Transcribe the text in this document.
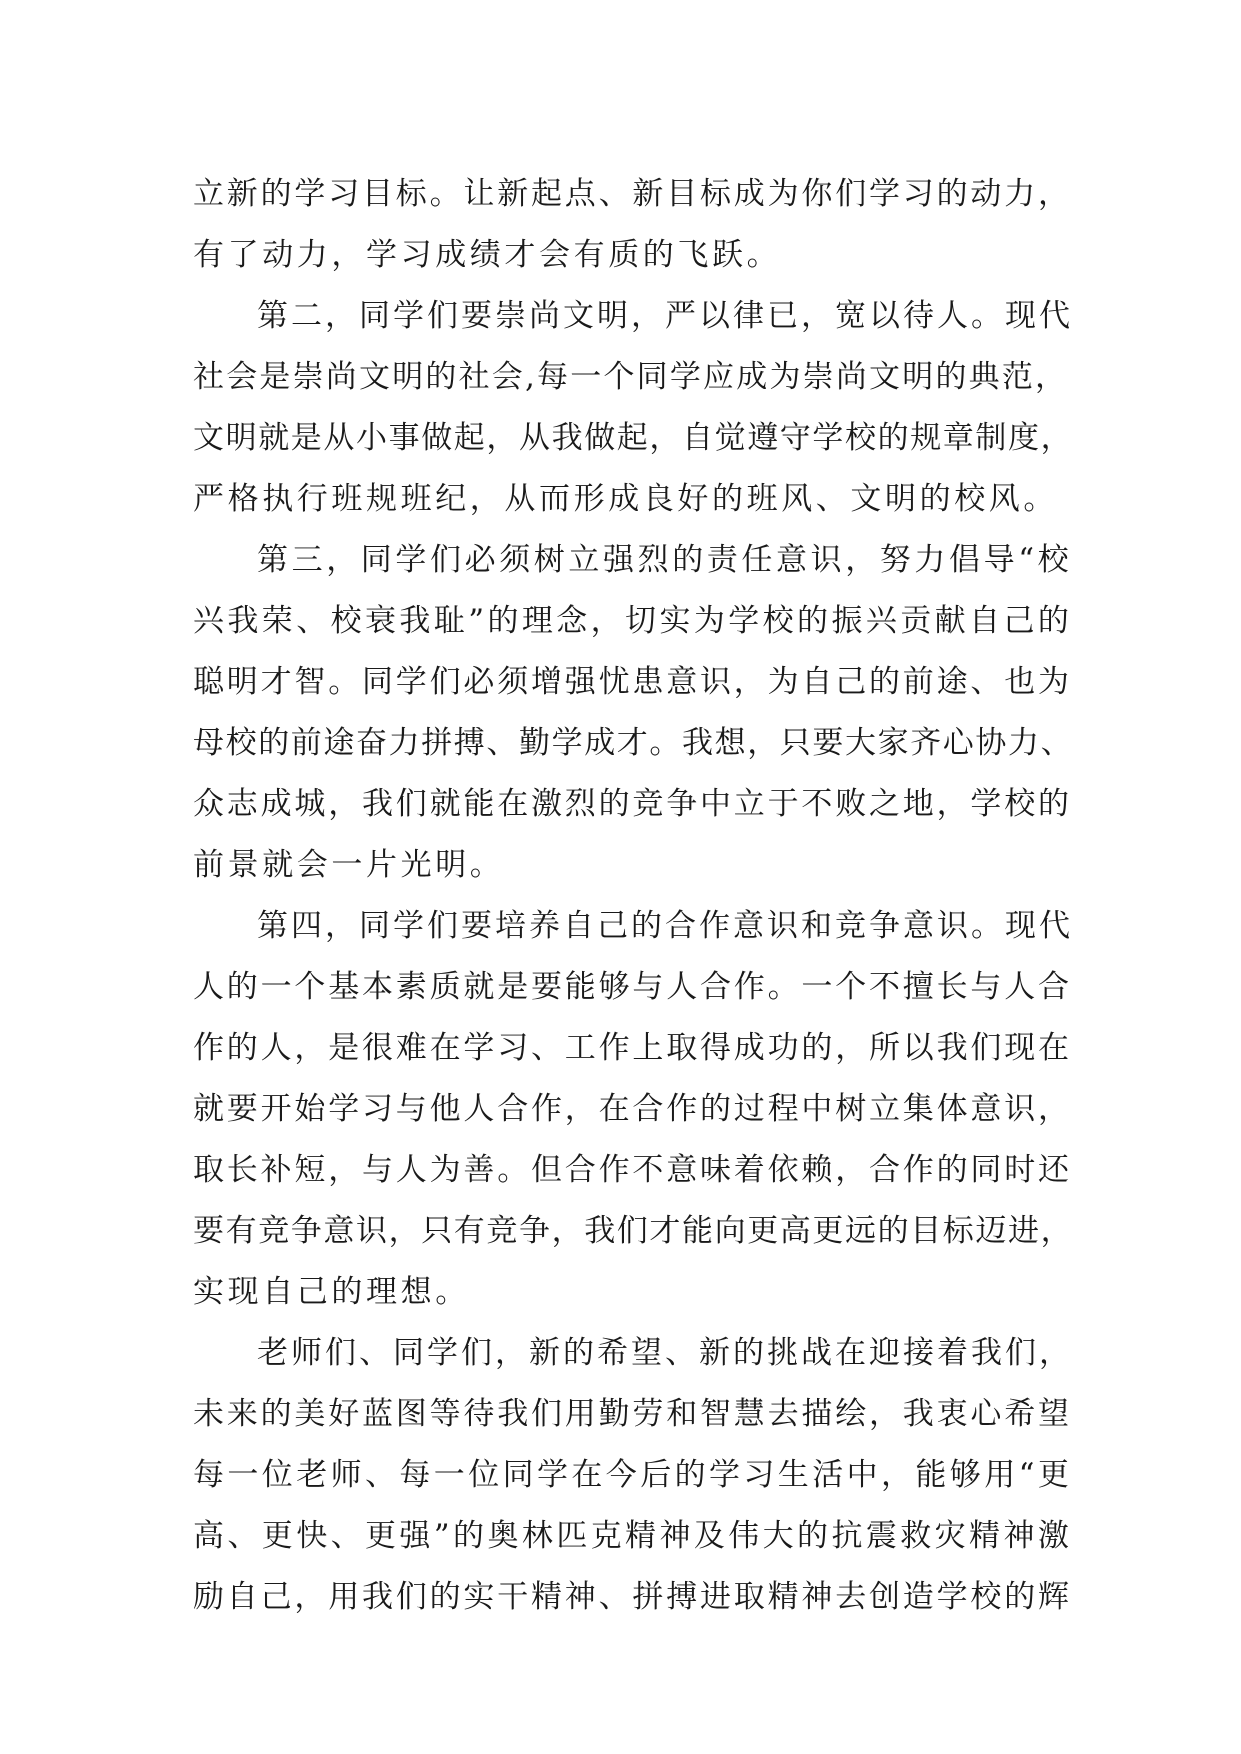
立新的学习目标。让新起点、新目标成为你们学习的动力，
有了动力，学习成绩才会有质的飞跃。
第二，同学们要崇尚文明，严以律已，宽以待人。现代
社会是崇尚文明的社会,每一个同学应成为崇尚文明的典范，
文明就是从小事做起，从我做起，自觉遵守学校的规章制度，
严格执行班规班纪，从而形成良好的班风、文明的校风。
第三，同学们必须树立强烈的责任意识，努力倡导“校
兴我荣、校衰我耻”的理念，切实为学校的振兴贡献自己的
聪明才智。同学们必须增强忧患意识，为自己的前途、也为
母校的前途奋力拼搏、勤学成才。我想，只要大家齐心协力、
众志成城，我们就能在激烈的竞争中立于不败之地，学校的
前景就会一片光明。
第四，同学们要培养自己的合作意识和竞争意识。现代
人的一个基本素质就是要能够与人合作。一个不擅长与人合
作的人，是很难在学习、工作上取得成功的，所以我们现在
就要开始学习与他人合作，在合作的过程中树立集体意识，
取长补短，与人为善。但合作不意味着依赖，合作的同时还
要有竞争意识，只有竞争，我们才能向更高更远的目标迈进，
实现自己的理想。
老师们、同学们，新的希望、新的挑战在迎接着我们，
未来的美好蓝图等待我们用勤劳和智慧去描绘，我衷心希望
每一位老师、每一位同学在今后的学习生活中，能够用“更
高、更快、更强”的奥林匹克精神及伟大的抗震救灾精神激
励自己，用我们的实干精神、拼搏进取精神去创造学校的辉
